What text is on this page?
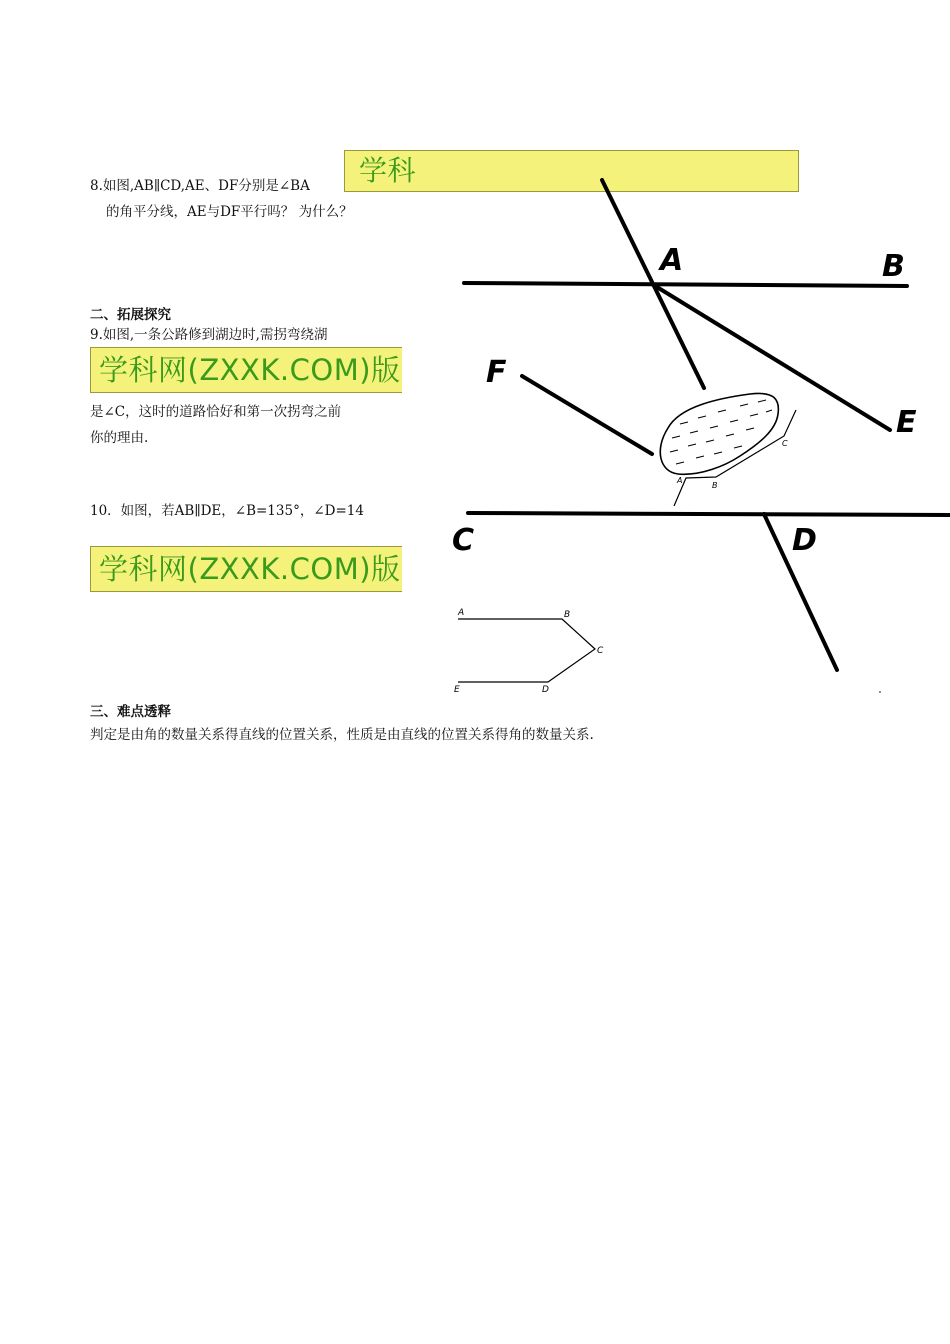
8.如图,AB∥CD,AE、DF分别是∠BA
的角平分线，AE与DF平行吗？ 为什么？
学科
二、拓展探究
9.如图,一条公路修到湖边时,需拐弯绕湖
学科网(ZXXK.COM)版
是∠C，这时的道路恰好和第一次拐弯之前
你的理由.
10．如图，若AB∥DE，∠B=135°，∠D=14
学科网(ZXXK.COM)版
A	B
F
E
C	D
A
B
C
A	B
C
D
E
三、难点透释
判定是由角的数量关系得直线的位置关系，性质是由直线的位置关系得角的数量关系.
